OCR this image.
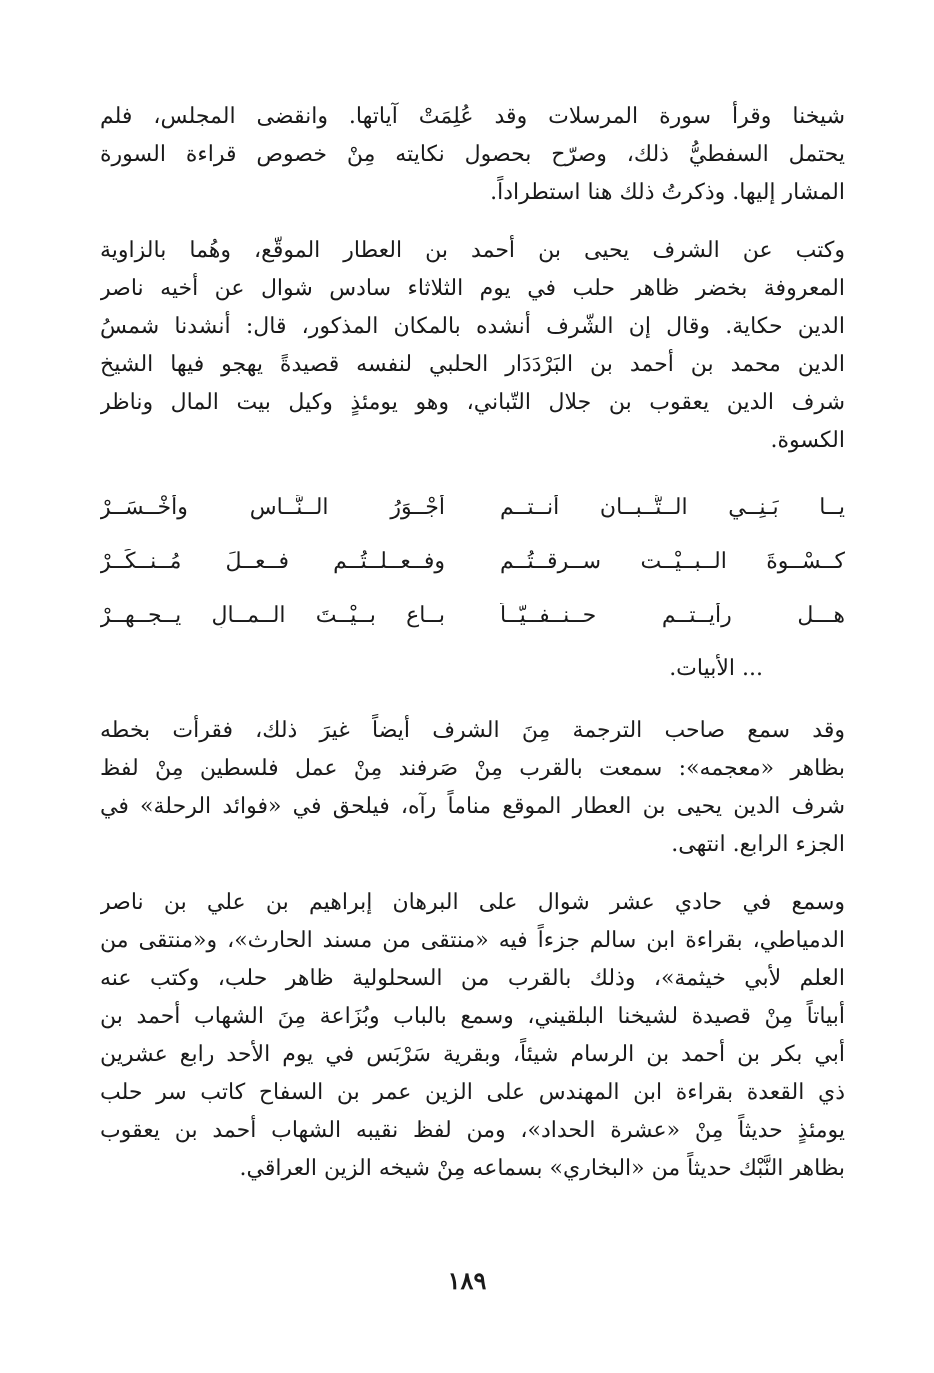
شيخنا وقرأ سورة المرسلات وقد عُلِمَتْ آياتها. وانقضى المجلس، فلم
يحتمل السفطيُّ ذلك، وصرّح بحصول نكايته مِنْ خصوص قراءة السورة
المشار إليها. وذكرتُ ذلك هنا استطراداً.

وكتب عن الشرف يحيى بن أحمد بن العطار الموقّع، وهُما بالزاوية
المعروفة بخضر ظاهر حلب في يوم الثلاثاء سادس شوال عن أخيه ناصر
الدين حكاية. وقال إن الشّرف أنشده بالمكان المذكور، قال: أنشدنا شمسُ
الدين محمد بن أحمد بن البَرْدَدَار الحلبي لنفسه قصيدةً يهجو فيها الشيخ
شرف الدين يعقوب بن جلال التّباني، وهو يومئذٍ وكيل بيت المال وناظر
الكسوة.

يــا بَـنِــي الــتُّــبــان أنــتــم
أجْــوَرُ الــنَّــاس وأخْــسَــرْ
كــسْــوةَ الــبــيْــت ســرقــتُــم
وفــعــلــتُــم فــعــلَ مُــنــكَــرْ
هـــل رأيــتــم حــنــفــيّــاً
بــاع بــيْــتَ الــمــالِ يــجــهــرْ
... الأبيات.

وقد سمع صاحب الترجمة مِنَ الشرف أيضاً غيرَ ذلك، فقرأت بخطه
بظاهر «معجمه»: سمعت بالقرب مِنْ صَرفند مِنْ عمل فلسطين مِنْ لفظ
شرف الدين يحيى بن العطار الموقع مناماً رآه، فيلحق في «فوائد الرحلة» في
الجزء الرابع. انتهى.

وسمع في حادي عشر شوال على البرهان إبراهيم بن علي بن ناصر
الدمياطي، بقراءة ابن سالم جزءاً فيه «منتقى من مسند الحارث»، و«منتقى من
العلم لأبي خيثمة»، وذلك بالقرب من السحلولية ظاهر حلب، وكتب عنه
أبياتاً مِنْ قصيدة لشيخنا البلقيني، وسمع بالباب وبُزَاعة مِنَ الشهاب أحمد بن
أبي بكر بن أحمد بن الرسام شيئاً، وبقرية سَرْبَس في يوم الأحد رابع عشرين
ذي القعدة بقراءة ابن المهندس على الزين عمر بن السفاح كاتب سر حلب
يومئذٍ حديثاً مِنْ «عشرة الحداد»، ومن لفظ نقيبه الشهاب أحمد بن يعقوب
بظاهر النَّبْك حديثاً من «البخاري» بسماعه مِنْ شيخه الزين العراقي.

١٨٩
